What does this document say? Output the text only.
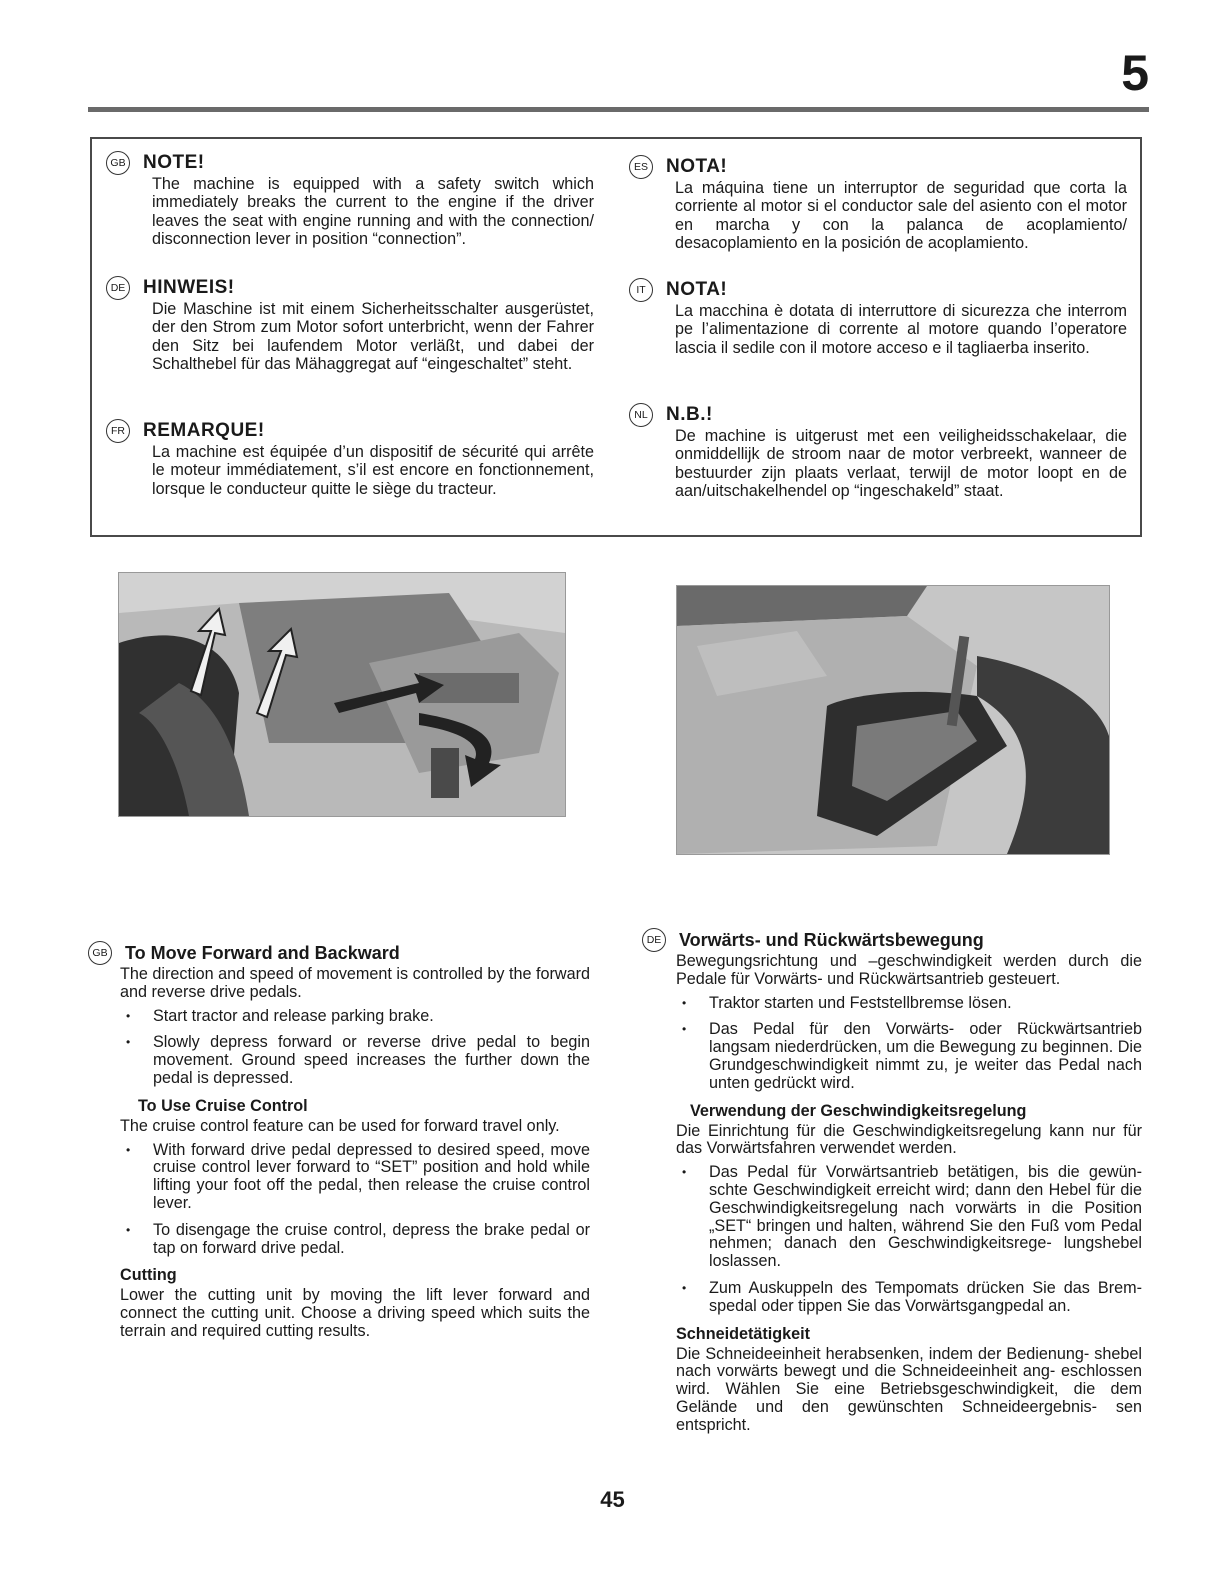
5
GB NOTE!
The machine is equipped with a safety switch which immediately breaks the current to the engine if the driver leaves the seat with engine running and with the connection/ disconnection lever in position “connection”.
DE HINWEIS!
Die Maschine ist mit einem Sicherheitsschalter ausgerüstet, der den Strom zum Motor sofort unterbricht, wenn der Fahrer den Sitz bei laufendem Motor verläßt, und dabei der Schalthebel für das Mähaggregat auf “eingeschaltet” steht.
FR REMARQUE!
La machine est équipée d’un dispositif de sécurité qui arrête le moteur immédiatement, s’il est encore en fonctionnement, lorsque le conducteur quitte le siège du tracteur.
ES NOTA!
La máquina tiene un interruptor de seguridad que corta la corriente al motor si el conductor sale del asiento con el motor en marcha y con la palanca de acoplamiento/ desacoplamiento en la posición de acoplamiento.
IT	NOTA!
La macchina è dotata di interruttore di sicurezza che interrom pe l’alimentazione di corrente al motore quando l’operatore lascia il sedile con il motore acceso e il tagliaerba inserito.
NL N.B.!
De machine is uitgerust met een veiligheidsschakelaar, die onmiddellijk de stroom naar de motor verbreekt, wanneer de bestuurder zijn plaats verlaat, terwijl de motor loopt en de aan/uitschakelhendel op “ingeschakeld” staat.
GB To Move Forward and Backward

The direction and speed of movement is controlled by the forward and reverse drive pedals.

• Start tractor and release parking brake.
• Slowly depress forward or reverse drive pedal to begin movement. Ground speed increases the further down the pedal is depressed.
To Use Cruise Control

The cruise control feature can be used for forward travel only.

• With forward drive pedal depressed to desired speed, move cruise control lever forward to “SET” position and hold while lifting your foot off the pedal, then release the cruise control lever.
• To disengage the cruise control, depress the brake pedal or tap on forward drive pedal.
Cutting

Lower the cutting unit by moving the lift lever forward and connect the cutting unit. Choose a driving speed which suits the terrain and required cutting results.

DE Vorwärts- und Rückwärtsbewegung

Bewegungsrichtung und –geschwindigkeit werden durch die Pedale für Vorwärts- und Rückwärtsantrieb gesteuert.

• Traktor starten und Feststellbremse lösen.
• Das Pedal für den Vorwärts- oder Rückwärtsantrieb langsam niederdrücken, um die Bewegung zu beginnen. Die Grundgeschwindigkeit nimmt zu, je weiter das Pedal nach unten gedrückt wird.
Verwendung der Geschwindigkeitsregelung

Die Einrichtung für die Geschwindigkeitsregelung kann nur für das Vorwärtsfahren verwendet werden.

• Das Pedal für Vorwärtsantrieb betätigen, bis die gewün- schte Geschwindigkeit erreicht wird; dann den Hebel für die Geschwindigkeitsregelung nach vorwärts in die Position „SET“ bringen und halten, während Sie den Fuß vom Pedal nehmen; danach den Geschwindigkeitsrege- lungshebel loslassen.
• Zum Auskuppeln des Tempomats drücken Sie das Brem- spedal oder tippen Sie das Vorwärtsgangpedal an.
Schneidetätigkeit

Die Schneideeinheit herabsenken, indem der Bedienung- shebel nach vorwärts bewegt und die Schneideeinheit ang- eschlossen wird. Wählen Sie eine Betriebsgeschwindigkeit, die dem Gelände und den gewünschten Schneideergebnis- sen entspricht.

45
